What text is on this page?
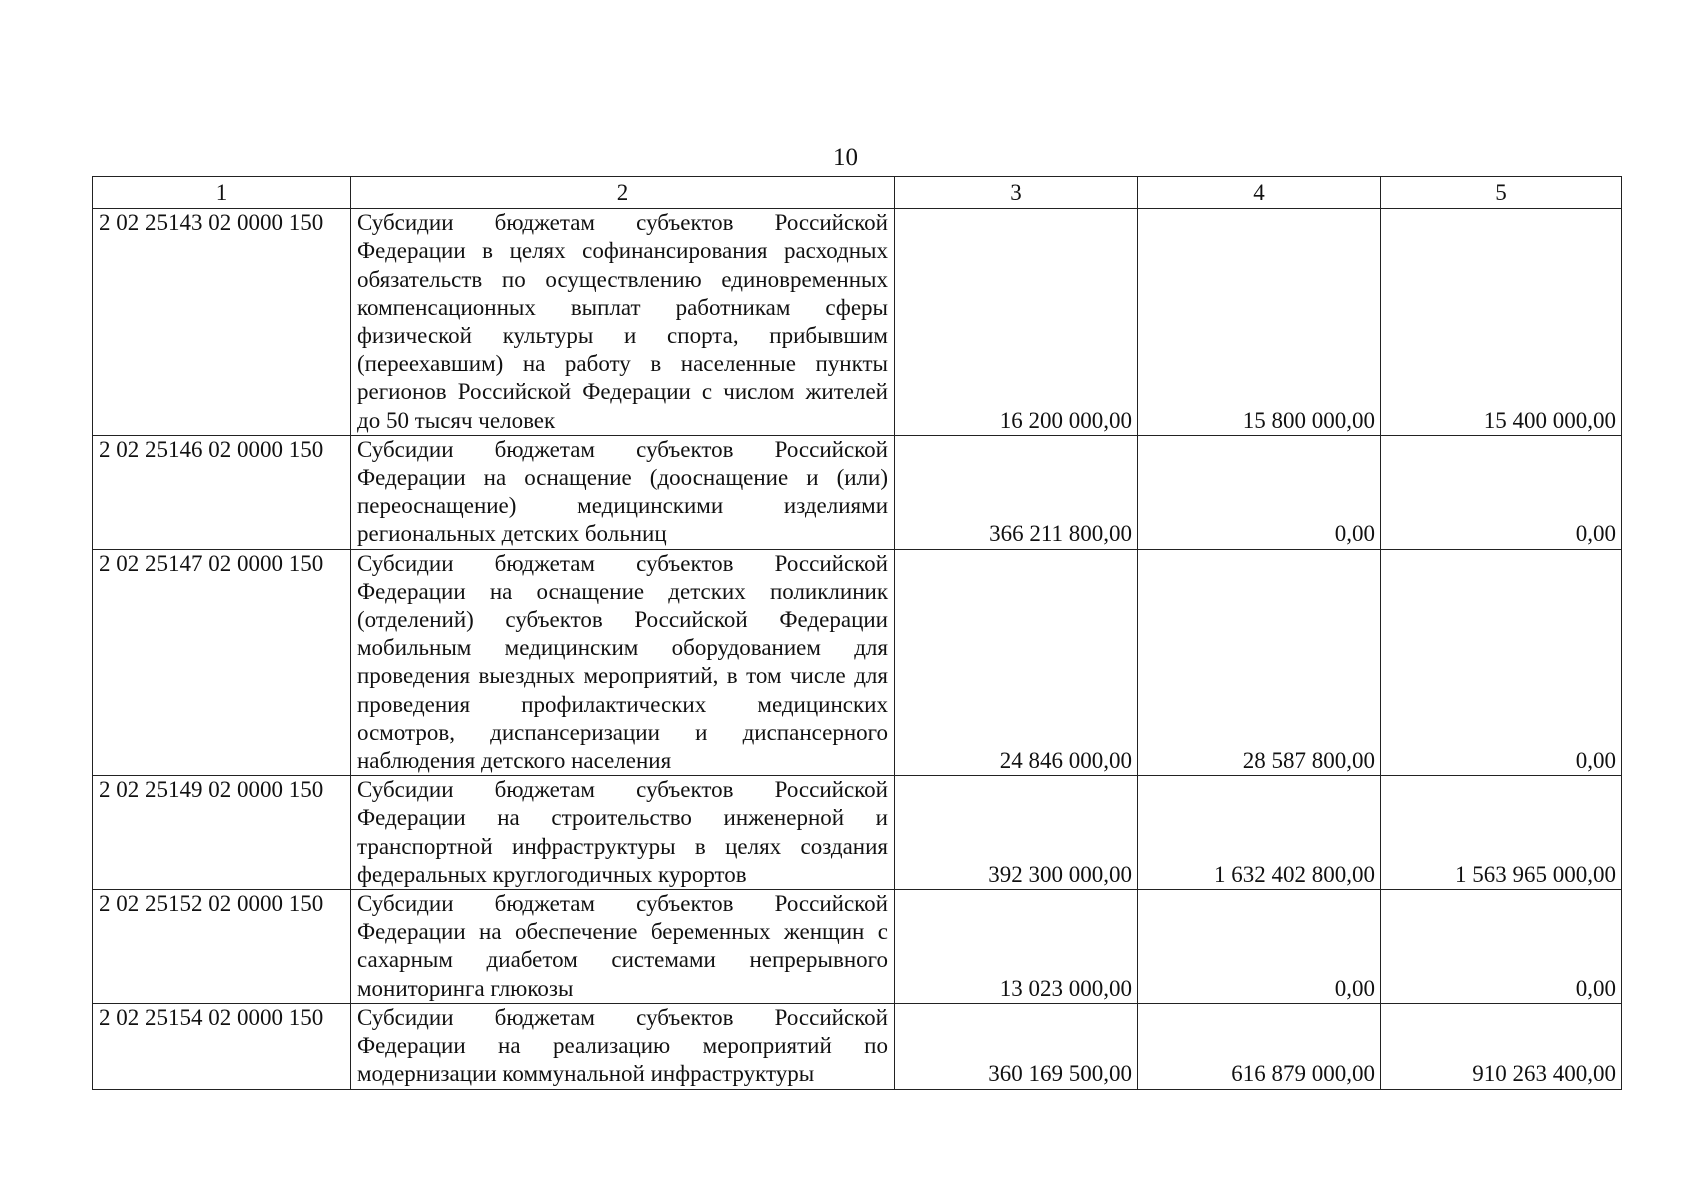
10
1	2	3	4	5
2 02 25143 02 0000 150	Субсидии бюджетам субъектов Российской Федерации в целях софинансирования расходных обязательств по осуществлению единовременных компенсационных выплат работникам сферы физической культуры и спорта, прибывшим (переехавшим) на работу в населенные пункты регионов Российской Федерации с числом жителей до 50 тысяч человек	16 200 000,00	15 800 000,00	15 400 000,00
2 02 25146 02 0000 150	Субсидии бюджетам субъектов Российской Федерации на оснащение (дооснащение и (или) переоснащение) медицинскими изделиями региональных детских больниц	366 211 800,00	0,00	0,00
2 02 25147 02 0000 150	Субсидии бюджетам субъектов Российской Федерации на оснащение детских поликлиник (отделений) субъектов Российской Федерации мобильным медицинским оборудованием для проведения выездных мероприятий, в том числе для проведения профилактических медицинских осмотров, диспансеризации и диспансерного наблюдения детского населения	24 846 000,00	28 587 800,00	0,00
2 02 25149 02 0000 150	Субсидии бюджетам субъектов Российской Федерации на строительство инженерной и транспортной инфраструктуры в целях создания федеральных круглогодичных курортов	392 300 000,00	1 632 402 800,00	1 563 965 000,00
2 02 25152 02 0000 150	Субсидии бюджетам субъектов Российской Федерации на обеспечение беременных женщин с сахарным диабетом системами непрерывного мониторинга глюкозы	13 023 000,00	0,00	0,00
2 02 25154 02 0000 150	Субсидии бюджетам субъектов Российской Федерации на реализацию мероприятий по модернизации коммунальной инфраструктуры	360 169 500,00	616 879 000,00	910 263 400,00
